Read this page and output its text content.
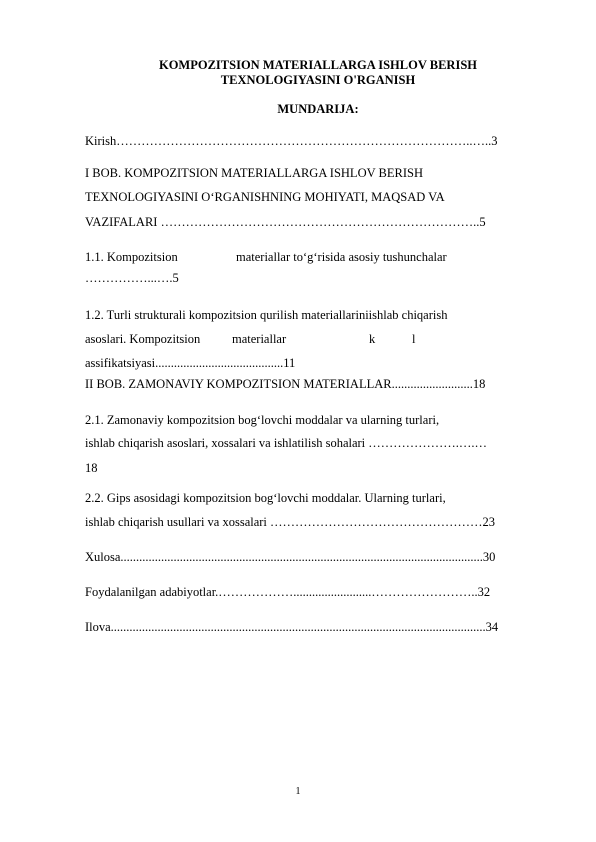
KOMPOZITSION MATERIALLARGA ISHLOV BERISH
TEXNOLOGIYASINI O'RGANISH
MUNDARIJA:
Kirish…………………………………………………………………………..…..3
I BOB. KOMPOZITSION MATERIALLARGA ISHLOV BERISH
TEXNOLOGIYASINI O‘RGANISHNING MOHIYATI, MAQSAD VA
VAZIFALARI …………………………………………………………………..5
1.1. Kompozitsion	materiallar to‘g‘risida asosiy tushunchalar
……………...….5
1.2. Turli strukturali kompozitsion qurilish materiallariniishlab chiqarish
asoslari. Kompozitsion	materiallar	k	l
assifikatsiyasi.........................................11
II BOB. ZAMONAVIY KOMPOZITSION MATERIALLAR..........................18
2.1. Zamonaviy kompozitsion bog‘lovchi moddalar va ularning turlari,
ishlab chiqarish asoslari, xossalari va ishlatilish sohalari ………………….….…
18
2.2. Gips asosidagi kompozitsion bog‘lovchi moddalar. Ularning turlari,
ishlab chiqarish usullari va xossalari ……………………………………………23
Xulosa....................................................................................................................30
Foydalanilgan adabiyotlar.……………….........................……………………..32
Ilova........................................................................................................................34
1
